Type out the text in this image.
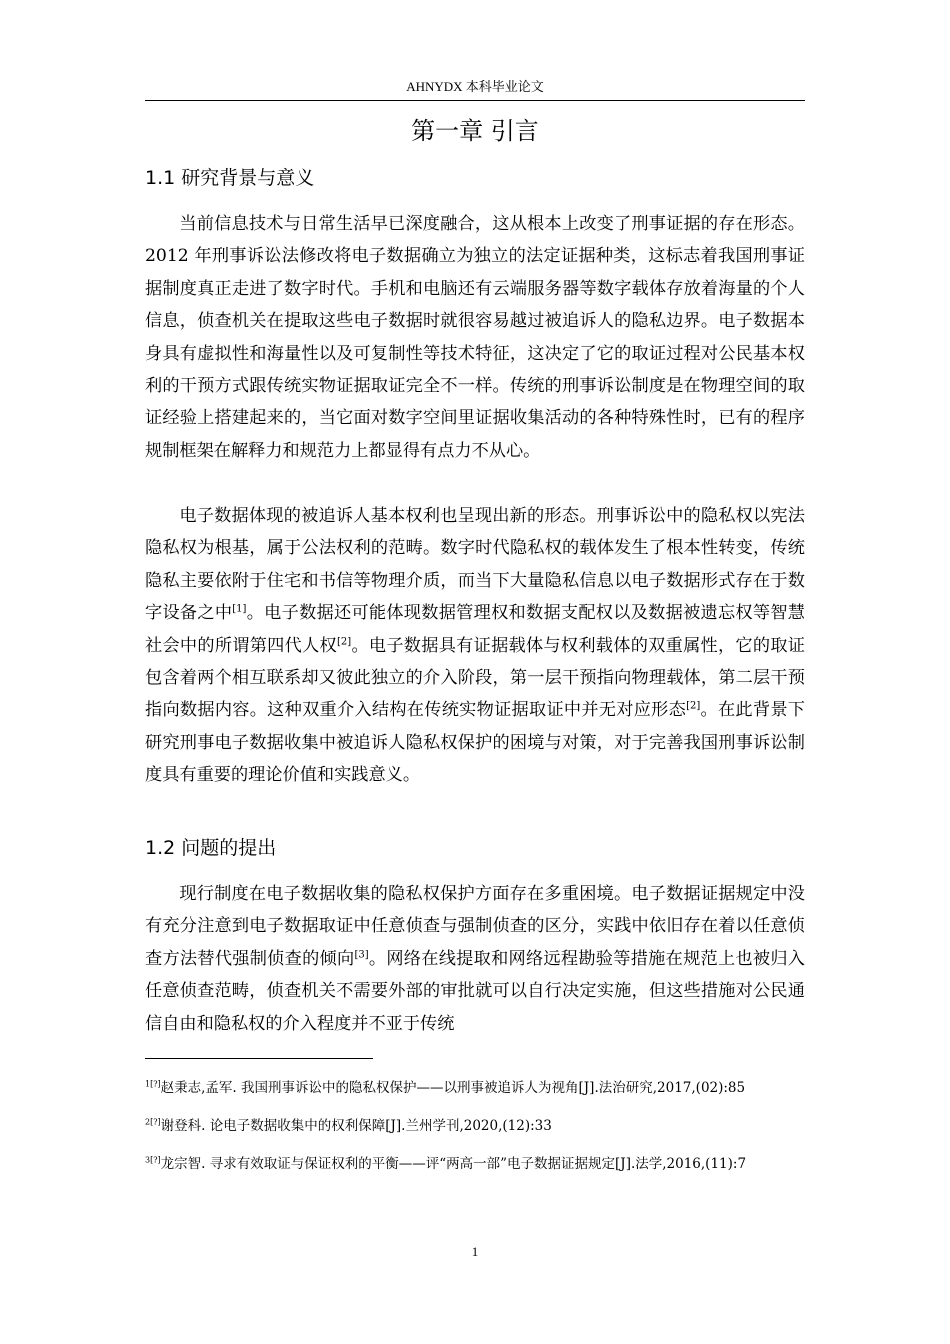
AHNYDX 本科毕业论文
第一章 引言
1.1 研究背景与意义

当前信息技术与日常生活早已深度融合，这从根本上改变了刑事证据的存在形态。2012 年刑事诉讼法修改将电子数据确立为独立的法定证据种类，这标志着我国刑事证据制度真正走进了数字时代。手机和电脑还有云端服务器等数字载体存放着海量的个人信息，侦查机关在提取这些电子数据时就很容易越过被追诉人的隐私边界。电子数据本身具有虚拟性和海量性以及可复制性等技术特征，这决定了它的取证过程对公民基本权利的干预方式跟传统实物证据取证完全不一样。传统的刑事诉讼制度是在物理空间的取证经验上搭建起来的，当它面对数字空间里证据收集活动的各种特殊性时，已有的程序规制框架在解释力和规范力上都显得有点力不从心。

电子数据体现的被追诉人基本权利也呈现出新的形态。刑事诉讼中的隐私权以宪法隐私权为根基，属于公法权利的范畴。数字时代隐私权的载体发生了根本性转变，传统隐私主要依附于住宅和书信等物理介质，而当下大量隐私信息以电子数据形式存在于数字设备之中[1]。电子数据还可能体现数据管理权和数据支配权以及数据被遗忘权等智慧社会中的所谓第四代人权[2]。电子数据具有证据载体与权利载体的双重属性，它的取证包含着两个相互联系却又彼此独立的介入阶段，第一层干预指向物理载体，第二层干预指向数据内容。这种双重介入结构在传统实物证据取证中并无对应形态[2]。在此背景下研究刑事电子数据收集中被追诉人隐私权保护的困境与对策，对于完善我国刑事诉讼制度具有重要的理论价值和实践意义。

1.2 问题的提出

现行制度在电子数据收集的隐私权保护方面存在多重困境。电子数据证据规定中没有充分注意到电子数据取证中任意侦查与强制侦查的区分，实践中依旧存在着以任意侦查方法替代强制侦查的倾向[3]。网络在线提取和网络远程勘验等措施在规范上也被归入任意侦查范畴，侦查机关不需要外部的审批就可以自行决定实施，但这些措施对公民通信自由和隐私权的介入程度并不亚于传统

$^{1[?]}$赵秉志,孟军. 我国刑事诉讼中的隐私权保护——以刑事被追诉人为视角[J].法治研究,2017,(02):85

$^{2[?]}$谢登科. 论电子数据收集中的权利保障[J].兰州学刊,2020,(12):33

$^{3[?]}$龙宗智. 寻求有效取证与保证权利的平衡——评“两高一部”电子数据证据规定[J].法学,2016,(11):7

1
